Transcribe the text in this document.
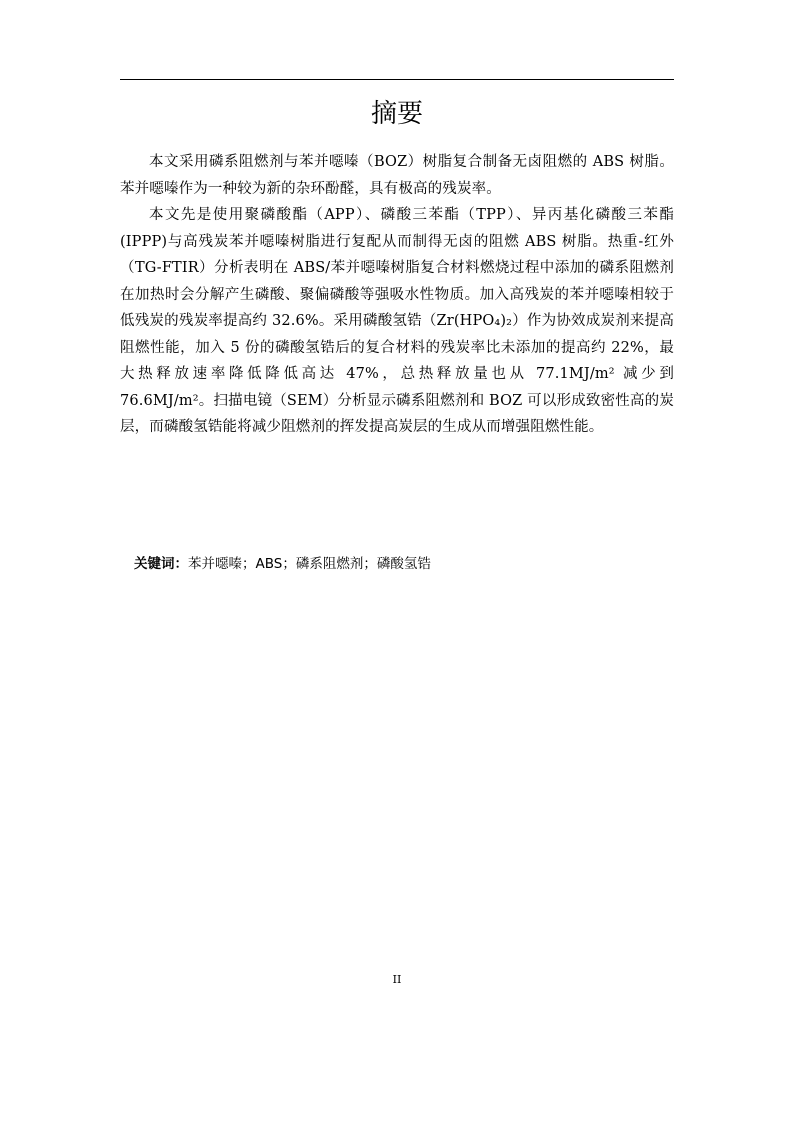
摘要

本文采用磷系阻燃剂与苯并噁嗪（BOZ）树脂复合制备无卤阻燃的 ABS 树脂。苯并噁嗪作为一种较为新的杂环酚醛，具有极高的残炭率。

本文先是使用聚磷酸酯（APP）、磷酸三苯酯（TPP）、异丙基化磷酸三苯酯(IPPP)与高残炭苯并噁嗪树脂进行复配从而制得无卤的阻燃 ABS 树脂。热重-红外（TG-FTIR）分析表明在 ABS/苯并噁嗪树脂复合材料燃烧过程中添加的磷系阻燃剂在加热时会分解产生磷酸、聚偏磷酸等强吸水性物质。加入高残炭的苯并噁嗪相较于低残炭的残炭率提高约 32.6%。采用磷酸氢锆（Zr(HPO₄)₂）作为协效成炭剂来提高阻燃性能，加入 5 份的磷酸氢锆后的复合材料的残炭率比未添加的提高约 22%，最大热释放速率降低降低高达 47%，总热释放量也从 77.1MJ/m² 减少到 76.6MJ/m²。扫描电镜（SEM）分析显示磷系阻燃剂和 BOZ 可以形成致密性高的炭层，而磷酸氢锆能将减少阻燃剂的挥发提高炭层的生成从而增强阻燃性能。

关键词：苯并噁嗪；ABS；磷系阻燃剂；磷酸氢锆
II
